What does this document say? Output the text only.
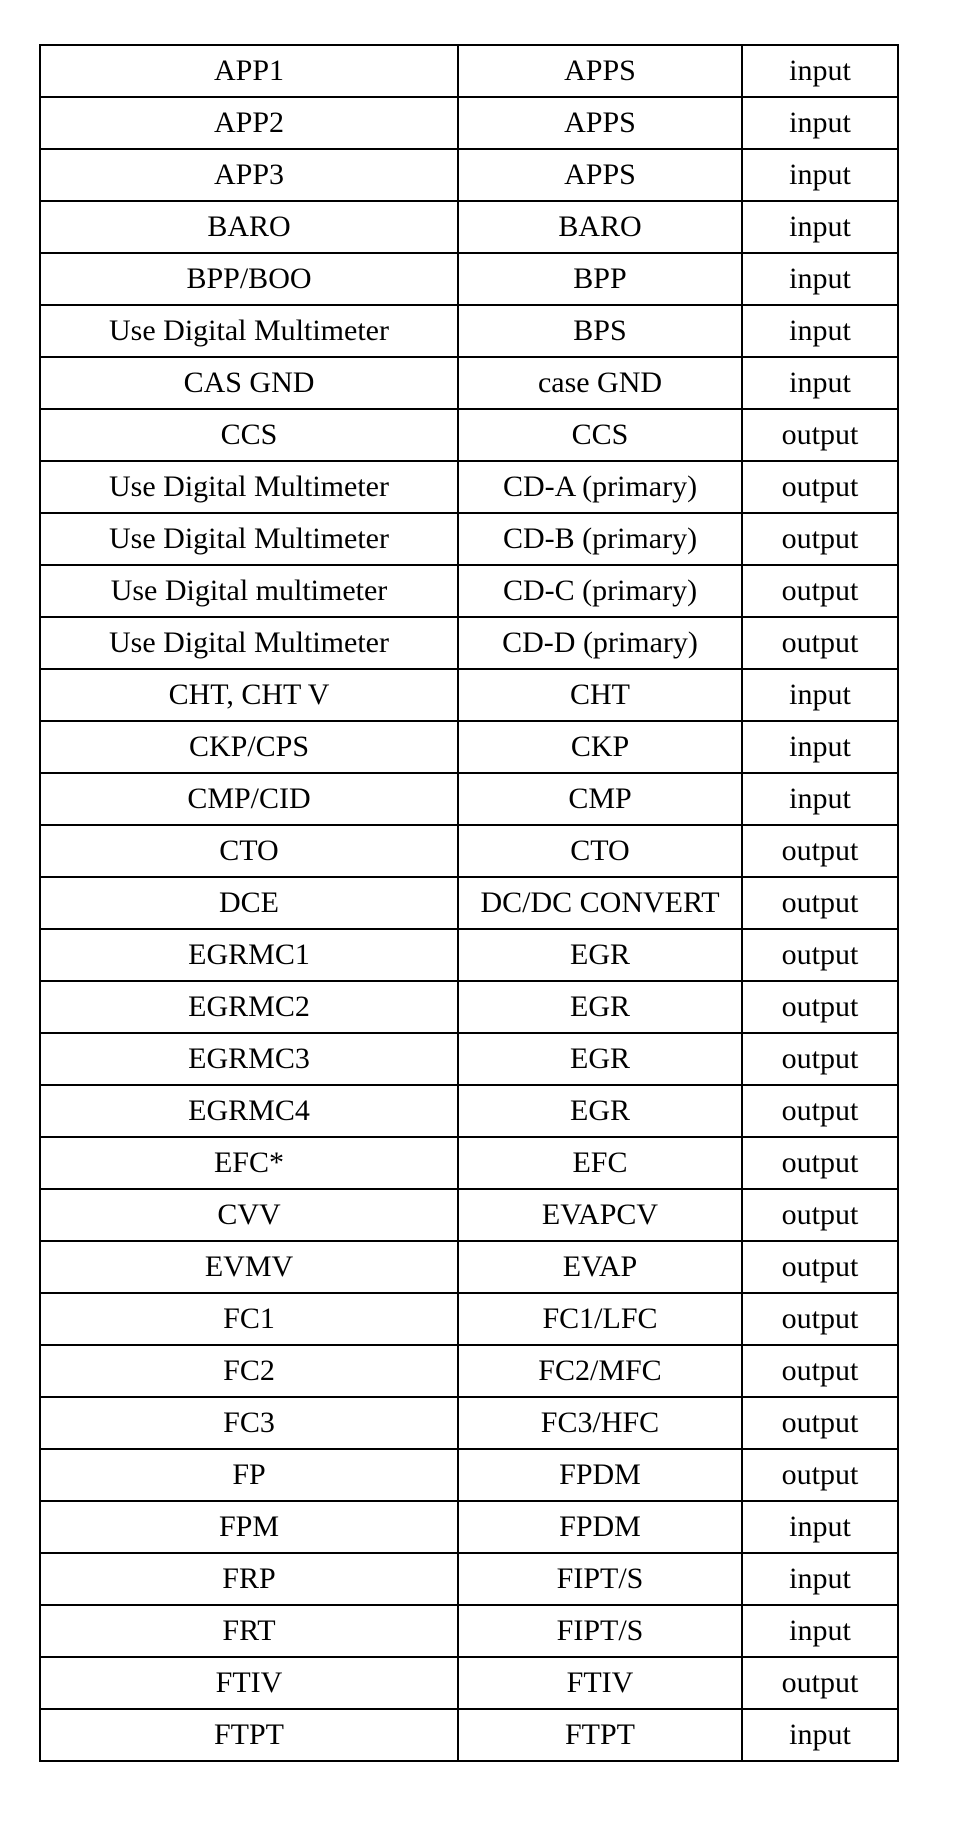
APP1	APPS	input
APP2	APPS	input
APP3	APPS	input
BARO	BARO	input
BPP/BOO	BPP	input
Use Digital Multimeter	BPS	input
CAS GND	case GND	input
CCS	CCS	output
Use Digital Multimeter	CD-A (primary)	output
Use Digital Multimeter	CD-B (primary)	output
Use Digital multimeter	CD-C (primary)	output
Use Digital Multimeter	CD-D (primary)	output
CHT, CHT V	CHT	input
CKP/CPS	CKP	input
CMP/CID	CMP	input
CTO	CTO	output
DCE	DC/DC CONVERT	output
EGRMC1	EGR	output
EGRMC2	EGR	output
EGRMC3	EGR	output
EGRMC4	EGR	output
EFC*	EFC	output
CVV	EVAPCV	output
EVMV	EVAP	output
FC1	FC1/LFC	output
FC2	FC2/MFC	output
FC3	FC3/HFC	output
FP	FPDM	output
FPM	FPDM	input
FRP	FIPT/S	input
FRT	FIPT/S	input
FTIV	FTIV	output
FTPT	FTPT	input
